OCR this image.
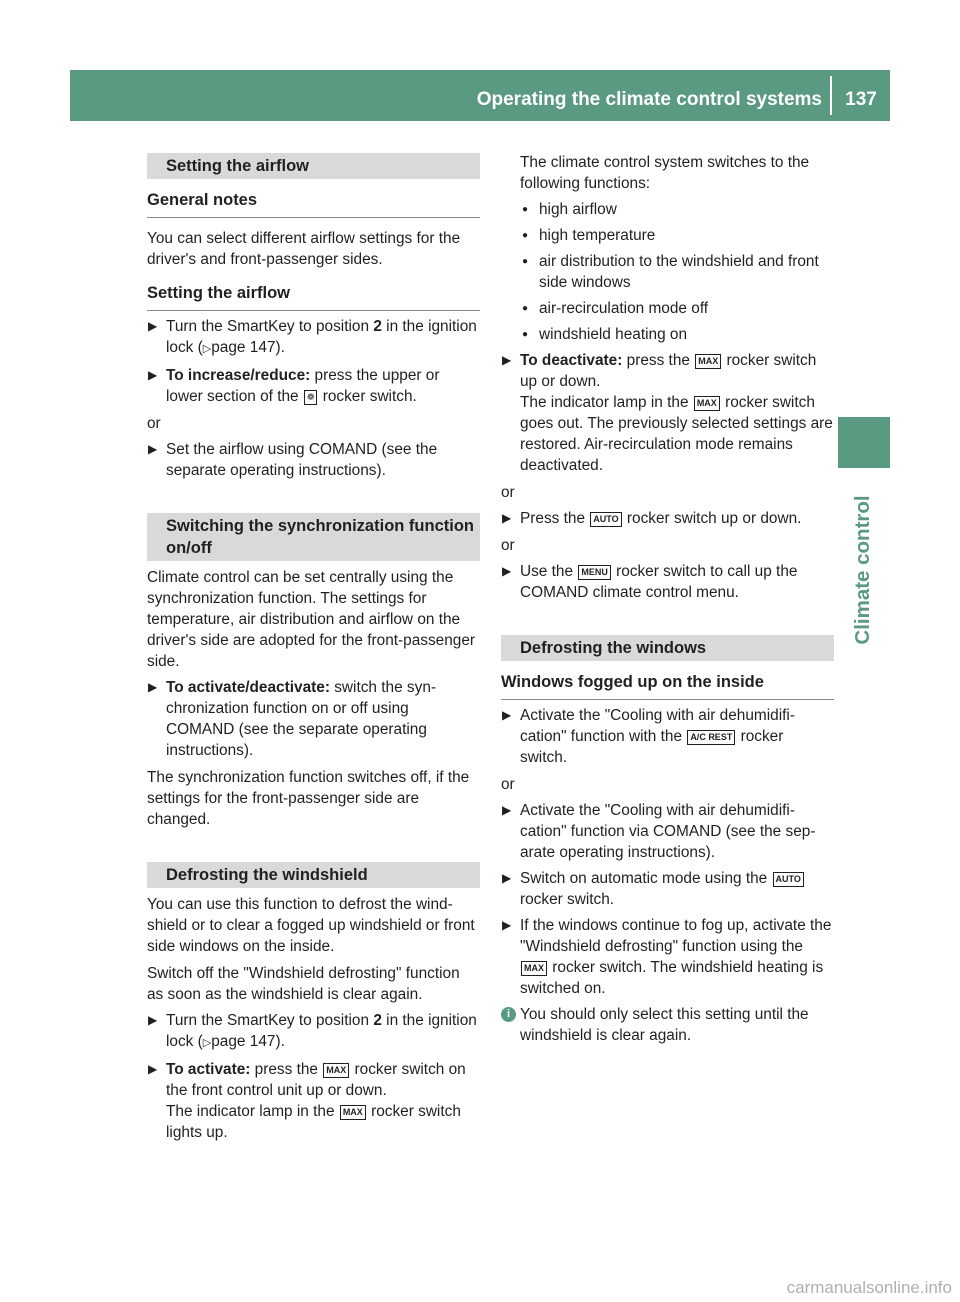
Operating the climate control systems	137
Climate control
Setting the airflow
General notes

You can select different airflow settings for the driver's and front-passenger sides.

Setting the airflow
▶ Turn the SmartKey to position 2 in the ignition lock (▷page 147).
▶ To increase/reduce: press the upper or lower section of the ❁ rocker switch.

or

▶ Set the airflow using COMAND (see the separate operating instructions).
Switching the synchronization function on/off

Climate control can be set centrally using the synchronization function. The settings for temperature, air distribution and airflow on the driver's side are adopted for the front-passenger side.

▶ To activate/deactivate: switch the synchronization function on or off using COMAND (see the separate operating instructions).

The synchronization function switches off, if the settings for the front-passenger side are changed.

Defrosting the windshield

You can use this function to defrost the windshield or to clear a fogged up windshield or front side windows on the inside.

Switch off the "Windshield defrosting" function as soon as the windshield is clear again.

▶ Turn the SmartKey to position 2 in the ignition lock (▷page 147).
▶ To activate: press the MAX rocker switch on the front control unit up or down.
The indicator lamp in the MAX rocker switch lights up.

The climate control system switches to the following functions:

● high airflow
● high temperature
● air distribution to the windshield and front side windows
● air-recirculation mode off
● windshield heating on
▶ To deactivate: press the MAX rocker switch up or down.
The indicator lamp in the MAX rocker switch goes out. The previously selected settings are restored. Air-recirculation mode remains deactivated.

or

▶ Press the AUTO rocker switch up or down.

or

▶ Use the MENU rocker switch to call up the COMAND climate control menu.
Defrosting the windows
Windows fogged up on the inside
▶ Activate the "Cooling with air dehumidification" function with the A/C REST rocker switch.

or

▶ Activate the "Cooling with air dehumidification" function via COMAND (see the separate operating instructions).
▶ Switch on automatic mode using the AUTO rocker switch.
▶ If the windows continue to fog up, activate the "Windshield defrosting" function using the MAX rocker switch. The windshield heating is switched on.
i You should only select this setting until the windshield is clear again.
carmanualsonline.info
